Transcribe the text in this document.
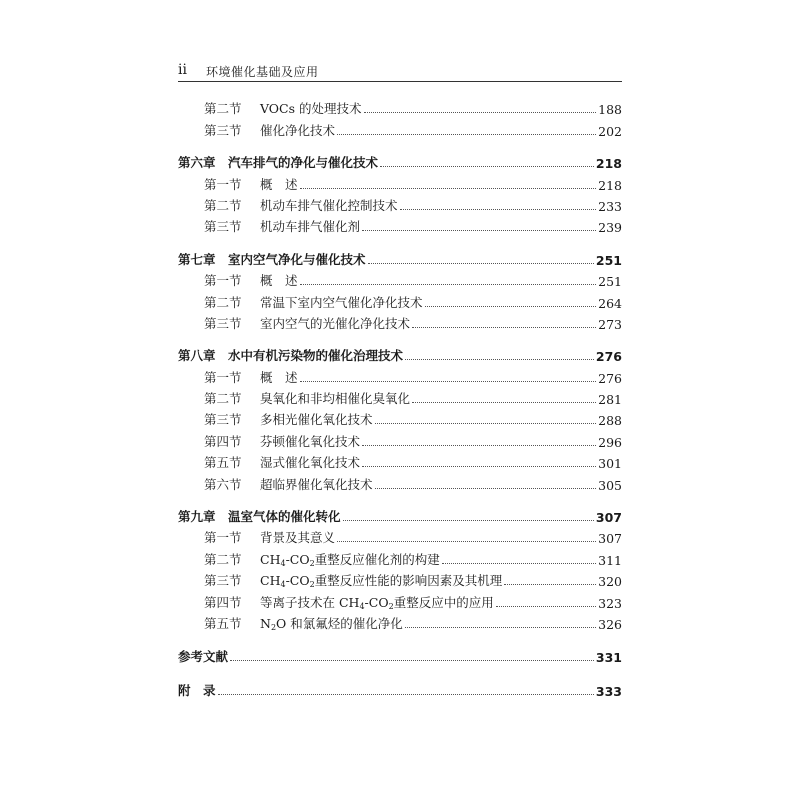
ii 环境催化基础及应用
第二节	VOCs 的处理技术	188
第三节	催化净化技术	202
第六章 汽车排气的净化与催化技术	218
第一节	概　述	218
第二节	机动车排气催化控制技术	233
第三节	机动车排气催化剂	239
第七章 室内空气净化与催化技术	251
第一节	概　述	251
第二节	常温下室内空气催化净化技术	264
第三节	室内空气的光催化净化技术	273
第八章 水中有机污染物的催化治理技术	276
第一节	概　述	276
第二节	臭氧化和非均相催化臭氧化	281
第三节	多相光催化氧化技术	288
第四节	芬顿催化氧化技术	296
第五节	湿式催化氧化技术	301
第六节	超临界催化氧化技术	305
第九章 温室气体的催化转化	307
第一节	背景及其意义	307
第二节	$CH_4-CO_2$重整反应催化剂的构建	311
第三节	$CH_4-CO_2$重整反应性能的影响因素及其机理	320
第四节	等离子技术在 $CH_4-CO_2$重整反应中的应用	323
第五节	$N_2O$ 和氯氟烃的催化净化	326
参考文献	331
附　录	333
